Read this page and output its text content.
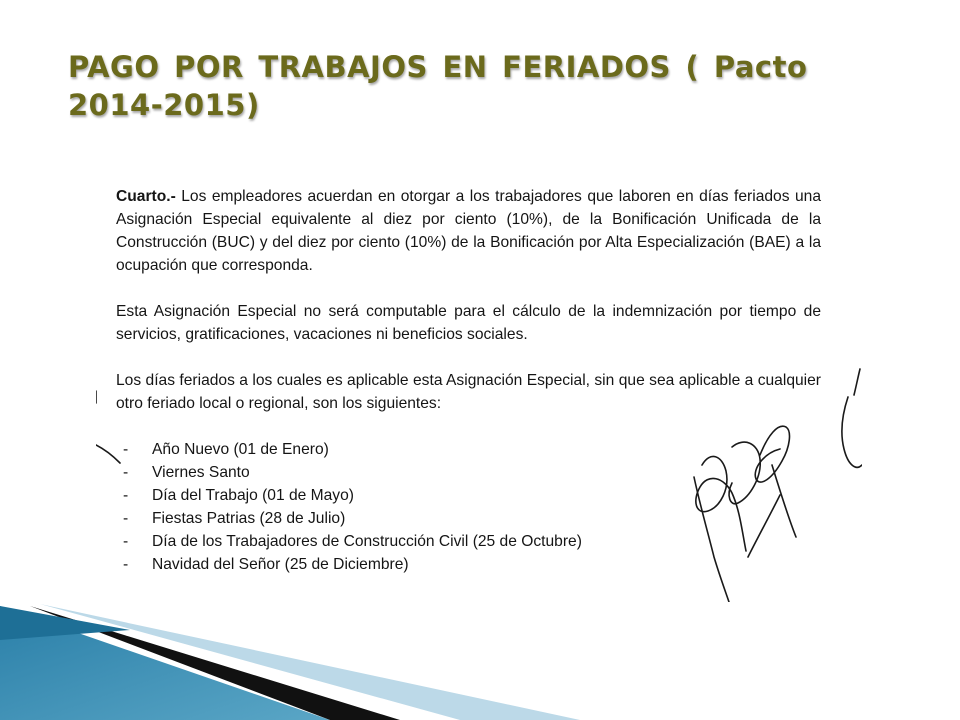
PAGO POR TRABAJOS EN FERIADOS ( Pacto 2014-2015)

Cuarto.- Los empleadores acuerdan en otorgar a los trabajadores que laboren en días feriados una Asignación Especial equivalente al diez por ciento (10%), de la Bonificación Unificada de la Construcción (BUC) y del diez por ciento (10%) de la Bonificación por Alta Especialización (BAE) a la ocupación que corresponda.

Esta Asignación Especial no será computable para el cálculo de la indemnización por tiempo de servicios, gratificaciones, vacaciones ni beneficios sociales.

Los días feriados a los cuales es aplicable esta Asignación Especial, sin que sea aplicable a cualquier otro feriado local o regional, son los siguientes:

- Año Nuevo (01 de Enero)
- Viernes Santo
- Día del Trabajo (01 de Mayo)
- Fiestas Patrias (28 de Julio)
- Día de los Trabajadores de Construcción Civil (25 de Octubre)
- Navidad del Señor (25 de Diciembre)
